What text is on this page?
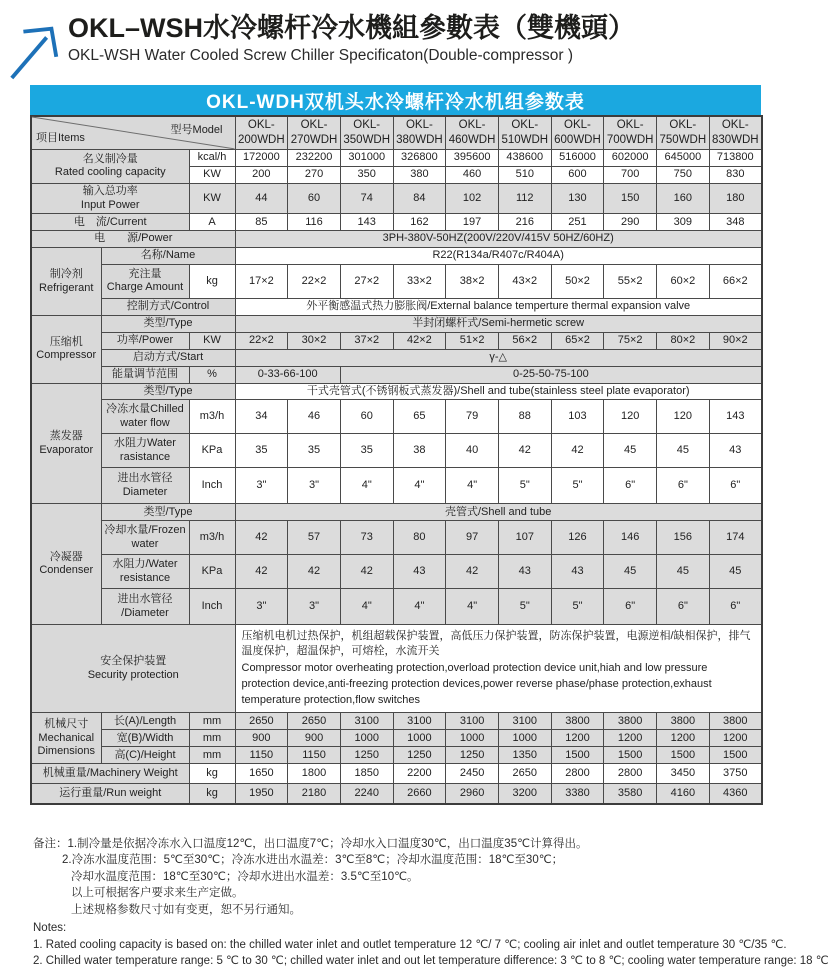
OKL–WSH水冷螺杆冷水機組參數表（雙機頭）
OKL-WSH Water Cooled Screw Chiller Specificaton(Double-compressor )
OKL-WDH双机头水冷螺杆冷水机组参数表
项目Items
型号Model			OKL-200WDH	OKL-270WDH	OKL-350WDH	OKL-380WDH	OKL-460WDH	OKL-510WDH	OKL-600WDH	OKL-700WDH	OKL-750WDH	OKL-830WDH

名义制冷量
Rated cooling capacity		kcal/h	172000	232200	301000	326800	395600	438600	516000	602000	645000	713800
		KW	200	270	350	380	460	510	600	700	750	830

输入总功率
Input Power		KW	44	60	74	84	102	112	130	150	160	180
电　流/Current		A	85	116	143	162	197	216	251	290	309	348
电　　源/Power			3PH-380V-50HZ(200V/220V/415V 50HZ/60HZ)									
制冷剂 Refrigerant	名称/Name		R22(R134a/R407c/R404A)									

	充注量
Charge Amount	kg	17×2	22×2	27×2	33×2	38×2	43×2	50×2	55×2	60×2	66×2
	控制方式/Control		外平衡感温式热力膨胀阀/External balance temperture thermal expansion valve									
压缩机 Compressor	类型/Type		半封闭螺杆式/Semi-hermetic screw									
	功率/Power	KW	22×2	30×2	37×2	42×2	51×2	56×2	65×2	75×2	80×2	90×2
	启动方式/Start		γ-△									
	能量调节范围	%	0-33-66-100		0-25-50-75-100							
蒸发器 Evaporator	类型/Type		干式壳管式(不锈钢板式蒸发器)/Shell and tube(stainless steel plate evaporator)									
	冷冻水量Chilled water flow	m3/h	34	46	60	65	79	88	103	120	120	143
	水阻力Water rasistance	KPa	35	35	35	38	40	42	42	45	45	43
	进出水管径 Diameter	Inch	3"	3"	4"	4"	4"	5"	5"	6"	6"	6"
冷凝器 Condenser	类型/Type		壳管式/Shell and tube									
	冷却水量/Frozen water	m3/h	42	57	73	80	97	107	126	146	156	174
	水阻力/Water resistance	KPa	42	42	42	43	42	43	43	45	45	45
	进出水管径 /Diameter	Inch	3"	3"	4"	4"	4"	5"	5"	6"	6"	6"

安全保护装置
Security protection

压缩机电机过热保护，机组超载保护装置，高低压力保护装置，防冻保护装置，电源逆相/缺相保护，排气温度保护，超温保护，可熔栓，水流开关
Compressor motor overheating protection,overload protection device unit,hiah and low pressure protection device,anti-freezing protection devices,power reverse phase/phase protection,exhaust temperature protection,flow switches

机械尺寸 Mechanical Dimensions	长(A)/Length	mm	2650	2650	3100	3100	3100	3100	3800	3800	3800	3800
	宽(B)/Width	mm	900	900	1000	1000	1000	1000	1200	1200	1200	1200
	高(C)/Height	mm	1150	1150	1250	1250	1250	1350	1500	1500	1500	1500
机械重量/Machinery Weight		kg	1650	1800	1850	2200	2450	2650	2800	2800	3450	3750
运行重量/Run weight		kg	1950	2180	2240	2660	2960	3200	3380	3580	4160	4360
备注：1.制冷量是依据冷冻水入口温度12℃，出口温度7℃；冷却水入口温度30℃，出口温度35℃计算得出。
2.冷冻水温度范围：5℃至30℃；冷冻水进出水温差：3℃至8℃；冷却水温度范围：18℃至30℃；
冷却水温度范围：18℃至30℃；冷却水进出水温差：3.5℃至10℃。
以上可根据客户要求来生产定做。
上述规格参数尺寸如有变更，恕不另行通知。
Notes:
1. Rated cooling capacity is based on: the chilled water inlet and outlet temperature 12 ℃/ 7 ℃; cooling air inlet and outlet temperature 30 ℃/35 ℃.
2. Chilled water temperature range: 5 ℃ to 30 ℃; chilled water inlet and out let temperature difference: 3 ℃ to 8 ℃; cooling water temperature range: 18 ℃
